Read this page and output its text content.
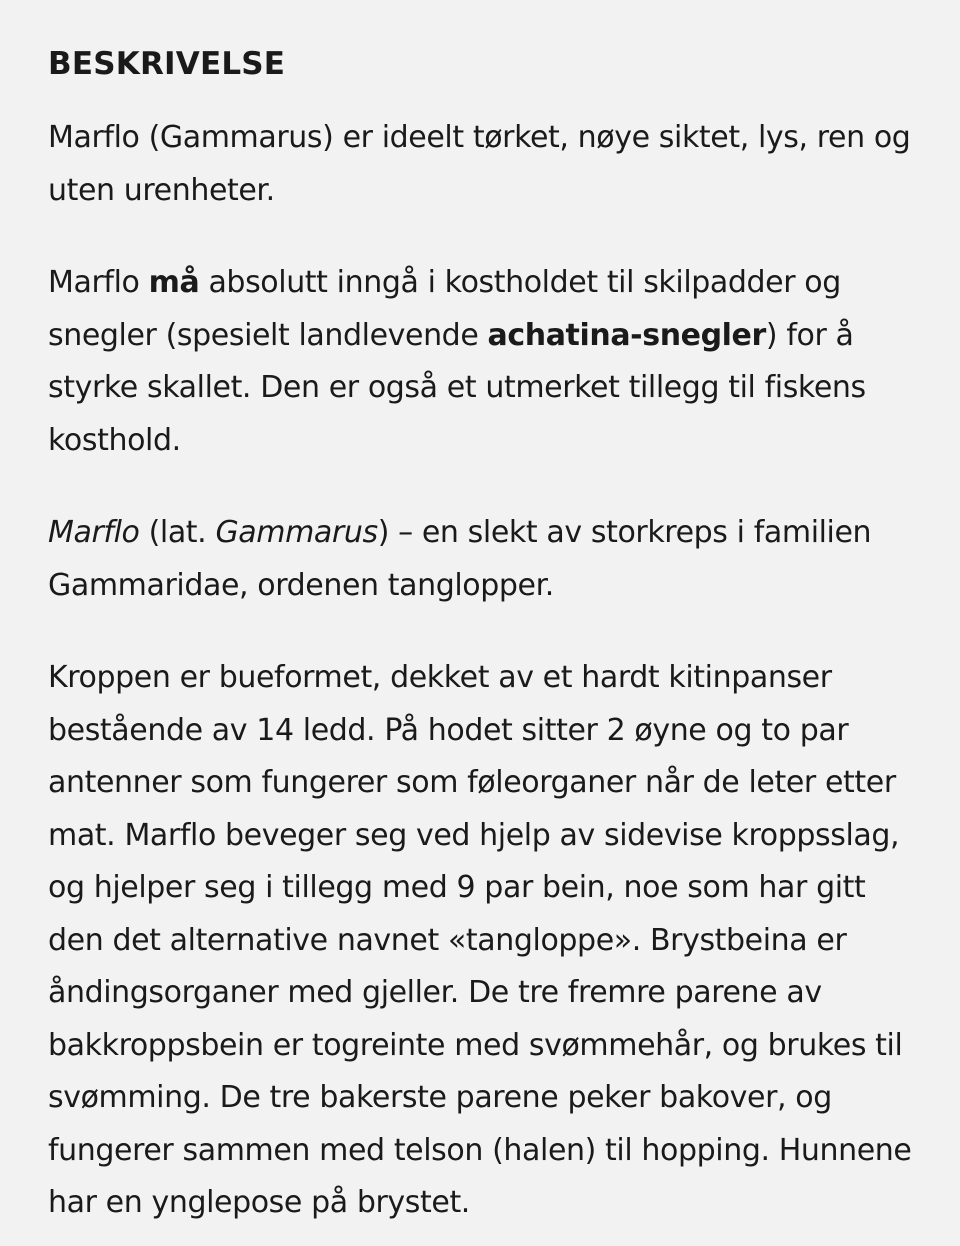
BESKRIVELSE

Marflo (Gammarus) er ideelt tørket, nøye siktet, lys, ren og uten urenheter.

Marflo må absolutt inngå i kostholdet til skilpadder og snegler (spesielt landlevende achatina-snegler) for å styrke skallet. Den er også et utmerket tillegg til fiskens kosthold.

Marflo (lat. Gammarus) – en slekt av storkreps i familien Gammaridae, ordenen tanglopper.

Kroppen er bueformet, dekket av et hardt kitinpanser bestående av 14 ledd. På hodet sitter 2 øyne og to par antenner som fungerer som føleorganer når de leter etter mat. Marflo beveger seg ved hjelp av sidevise kroppsslag, og hjelper seg i tillegg med 9 par bein, noe som har gitt den det alternative navnet «tangloppe». Brystbeina er åndingsorganer med gjeller. De tre fremre parene av bakkroppsbein er togreinte med svømmehår, og brukes til svømming. De tre bakerste parene peker bakover, og fungerer sammen med telson (halen) til hopping. Hunnene har en ynglepose på brystet.
